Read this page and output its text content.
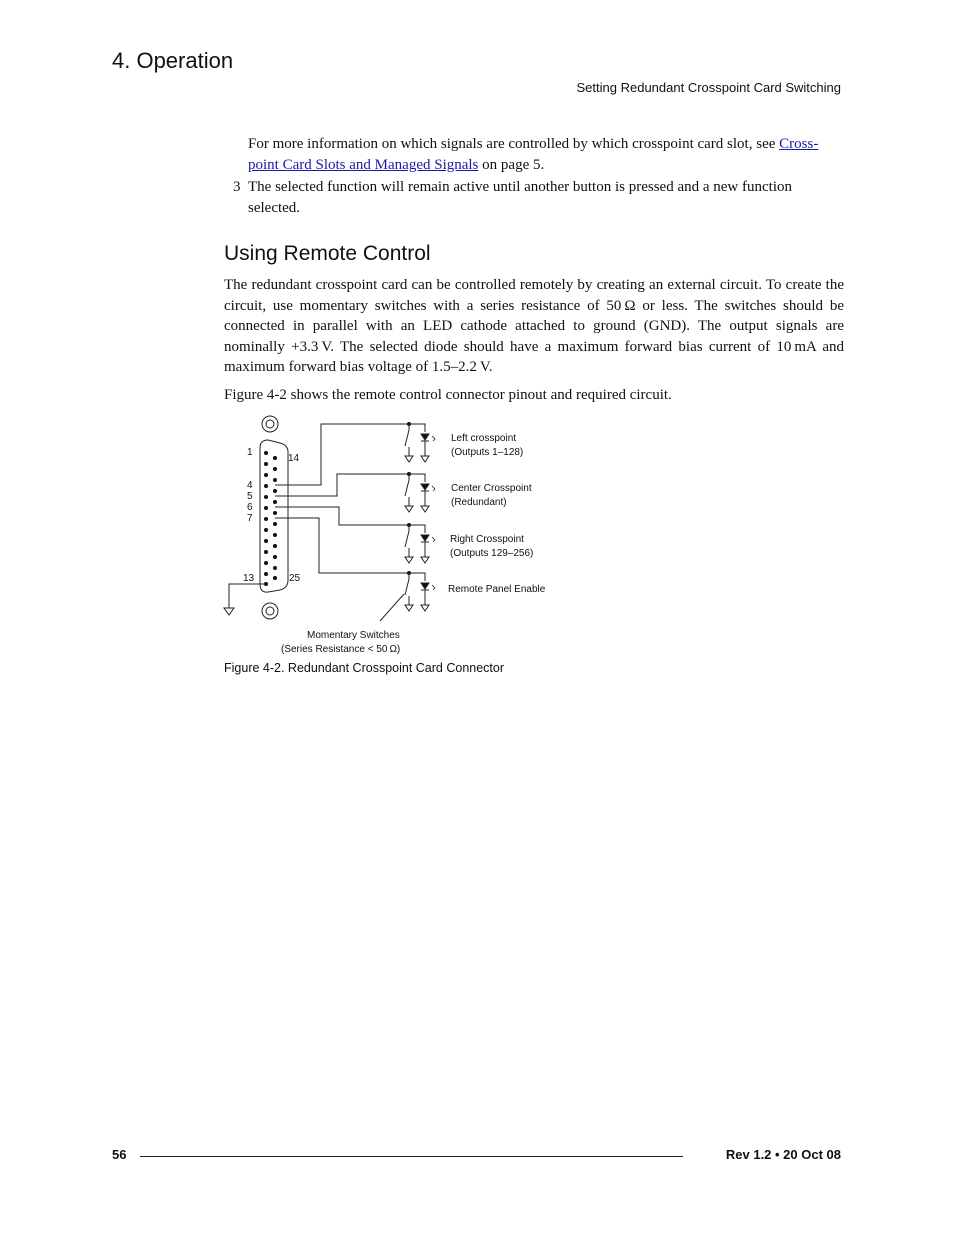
4. Operation
Setting Redundant Crosspoint Card Switching
For more information on which signals are controlled by which crosspoint card slot, see Cross-point Card Slots and Managed Signals on page 5.
3 The selected function will remain active until another button is pressed and a new function selected.
Using Remote Control
The redundant crosspoint card can be controlled remotely by creating an external circuit. To create the circuit, use momentary switches with a series resistance of 50 Ω or less. The switches should be connected in parallel with an LED cathode attached to ground (GND). The output signals are nominally +3.3 V. The selected diode should have a maximum forward bias current of 10 mA and maximum forward bias voltage of 1.5–2.2 V.
Figure 4-2 shows the remote control connector pinout and required circuit.
1
14
4
5
6
7
13	25
Left crosspoint
(Outputs 1–128)
Center Crosspoint
(Redundant)
Right Crosspoint
(Outputs 129–256)
Remote Panel Enable
Momentary Switches
(Series Resistance < 50 Ω)
Figure 4-2. Redundant Crosspoint Card Connector
56	Rev 1.2 • 20 Oct 08
